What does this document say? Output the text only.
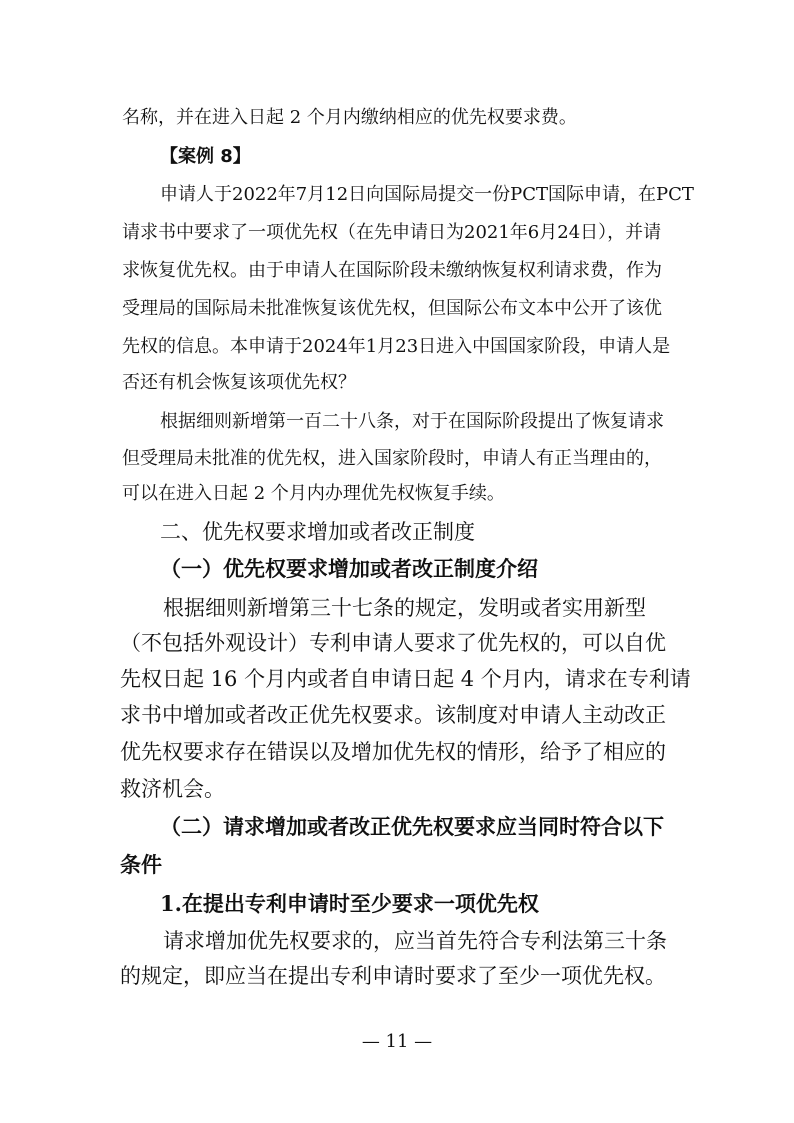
名称，并在进入日起 2 个月内缴纳相应的优先权要求费。
【案例 8】
申请人于2022年7月12日向国际局提交一份PCT国际申请，在PCT
请求书中要求了一项优先权（在先申请日为2021年6月24日），并请
求恢复优先权。由于申请人在国际阶段未缴纳恢复权利请求费，作为
受理局的国际局未批准恢复该优先权，但国际公布文本中公开了该优
先权的信息。本申请于2024年1月23日进入中国国家阶段，申请人是
否还有机会恢复该项优先权？
根据细则新增第一百二十八条，对于在国际阶段提出了恢复请求
但受理局未批准的优先权，进入国家阶段时，申请人有正当理由的，
可以在进入日起 2 个月内办理优先权恢复手续。
二、优先权要求增加或者改正制度
（一）优先权要求增加或者改正制度介绍
根据细则新增第三十七条的规定，发明或者实用新型
（不包括外观设计）专利申请人要求了优先权的，可以自优
先权日起 16 个月内或者自申请日起 4 个月内，请求在专利请
求书中增加或者改正优先权要求。该制度对申请人主动改正
优先权要求存在错误以及增加优先权的情形，给予了相应的
救济机会。
（二）请求增加或者改正优先权要求应当同时符合以下
条件
1.在提出专利申请时至少要求一项优先权
请求增加优先权要求的，应当首先符合专利法第三十条
的规定，即应当在提出专利申请时要求了至少一项优先权。
— 11 —
